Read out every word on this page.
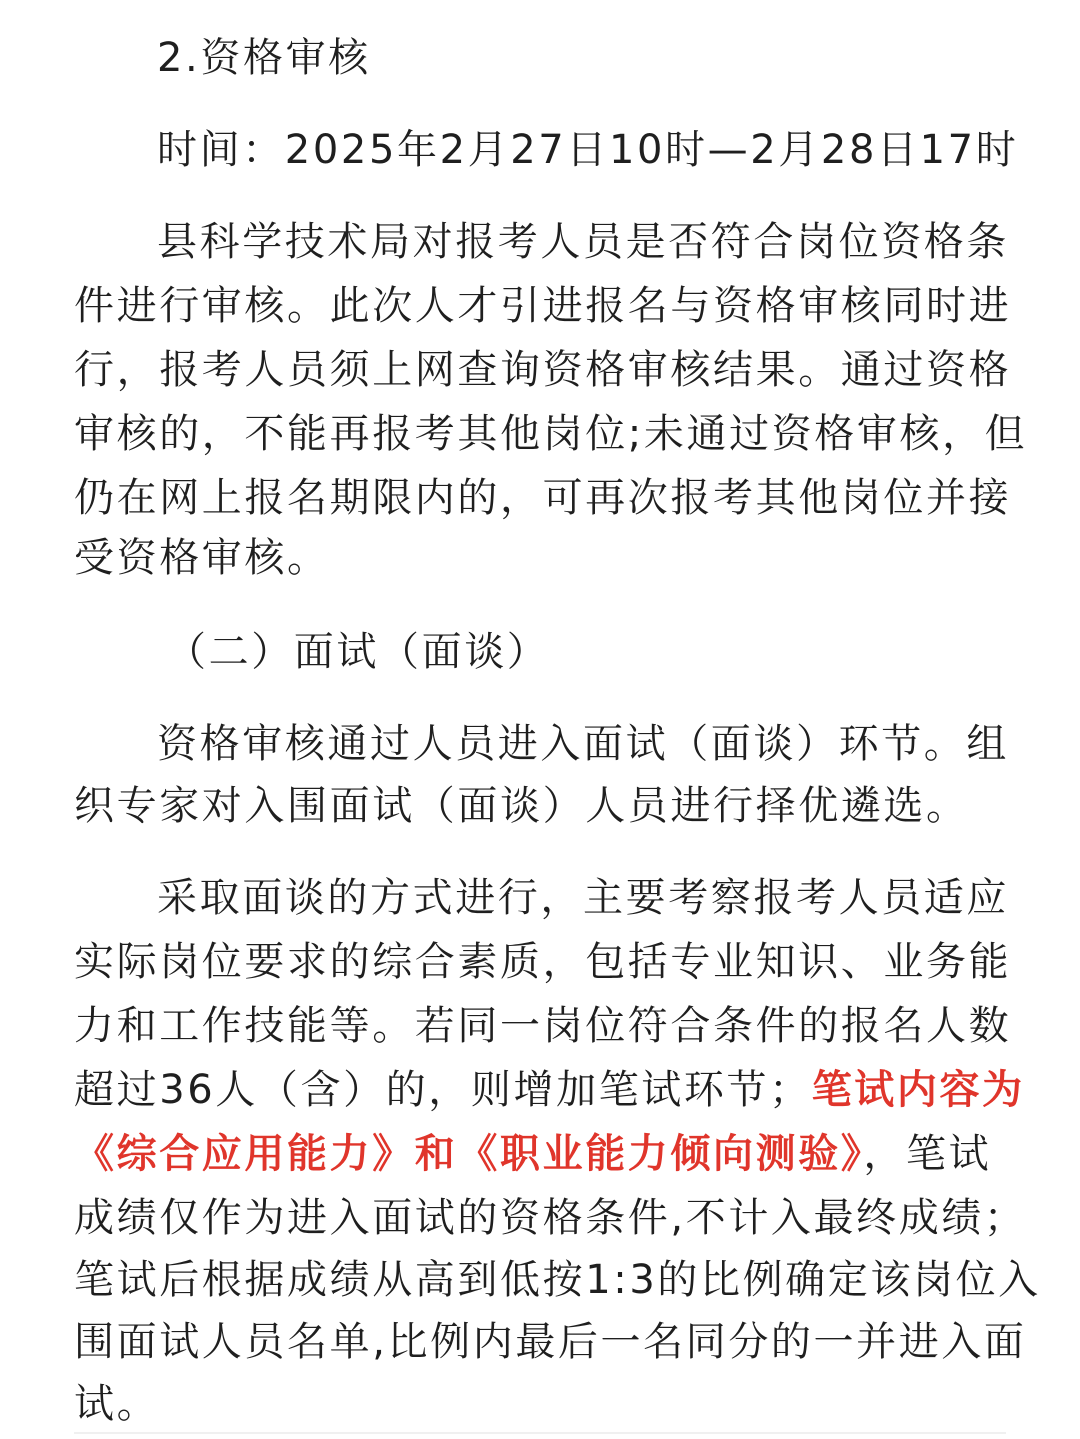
2.资格审核
时间：2025年2月27日10时—2月28日17时
县科学技术局对报考人员是否符合岗位资格条
件进行审核。此次人才引进报名与资格审核同时进
行，报考人员须上网查询资格审核结果。通过资格
审核的，不能再报考其他岗位;未通过资格审核，但
仍在网上报名期限内的，可再次报考其他岗位并接
受资格审核。
（二）面试（面谈）
资格审核通过人员进入面试（面谈）环节。组
织专家对入围面试（面谈）人员进行择优遴选。
采取面谈的方式进行，主要考察报考人员适应
实际岗位要求的综合素质，包括专业知识、业务能
力和工作技能等。若同一岗位符合条件的报名人数
超过36人（含）的，则增加笔试环节；笔试内容为
《综合应用能力》和《职业能力倾向测验》，笔试
成绩仅作为进入面试的资格条件,不计入最终成绩；
笔试后根据成绩从高到低按1:3的比例确定该岗位入
围面试人员名单,比例内最后一名同分的一并进入面
试。
